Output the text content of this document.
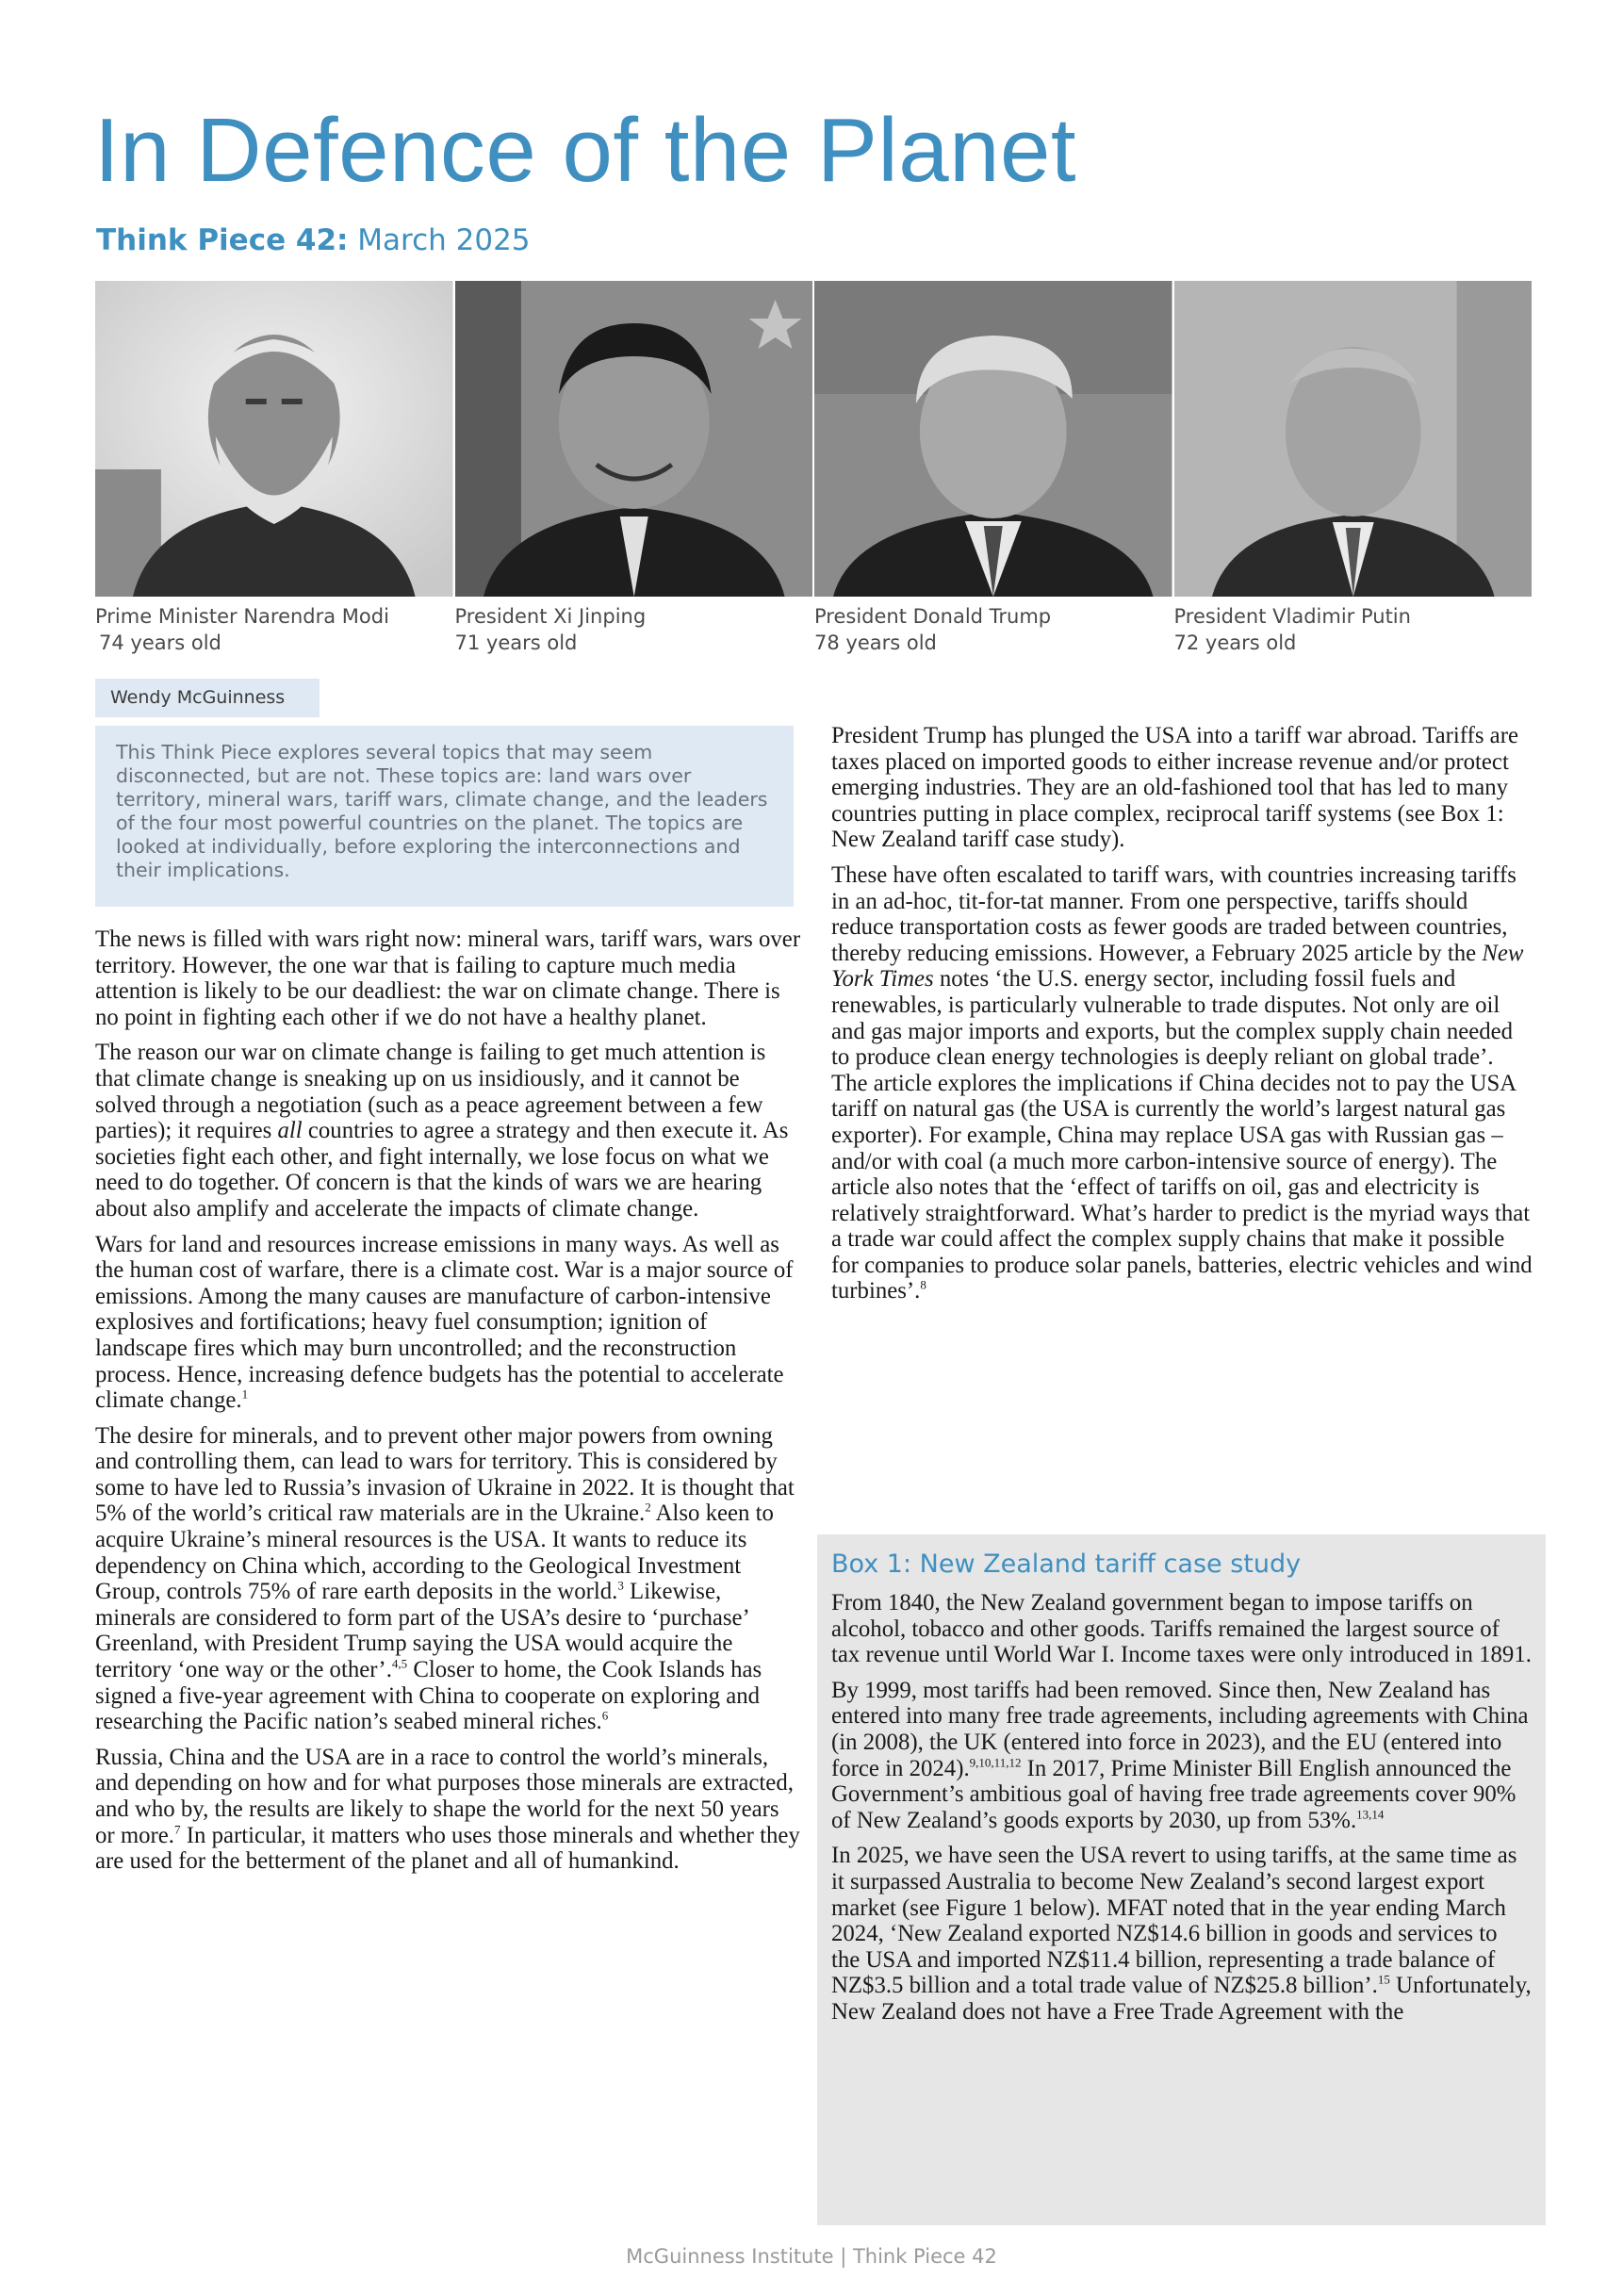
In Defence of the Planet
Think Piece 42: March 2025
Prime Minister Narendra Modi
74 years old
President Xi Jinping
71 years old
President Donald Trump
78 years old
President Vladimir Putin
72 years old
Wendy McGuinness

This Think Piece explores several topics that may seem disconnected, but are not. These topics are: land wars over territory, mineral wars, tariff wars, climate change, and the leaders of the four most powerful countries on the planet. The topics are looked at individually, before exploring the interconnections and their implications.

The news is filled with wars right now: mineral wars, tariff wars, wars over territory. However, the one war that is failing to capture much media attention is likely to be our deadliest: the war on climate change. There is no point in fighting each other if we do not have a healthy planet.

The reason our war on climate change is failing to get much attention is that climate change is sneaking up on us insidiously, and it cannot be solved through a negotiation (such as a peace agreement between a few parties); it requires all countries to agree a strategy and then execute it. As societies fight each other, and fight internally, we lose focus on what we need to do together. Of concern is that the kinds of wars we are hearing about also amplify and accelerate the impacts of climate change.

Wars for land and resources increase emissions in many ways. As well as the human cost of warfare, there is a climate cost. War is a major source of emissions. Among the many causes are manufacture of carbon-intensive explosives and fortifications; heavy fuel consumption; ignition of landscape fires which may burn uncontrolled; and the reconstruction process. Hence, increasing defence budgets has the potential to accelerate climate change.$^1$

The desire for minerals, and to prevent other major powers from owning and controlling them, can lead to wars for territory. This is considered by some to have led to Russia’s invasion of Ukraine in 2022. It is thought that 5% of the world’s critical raw materials are in the Ukraine.$^2$ Also keen to acquire Ukraine’s mineral resources is the USA. It wants to reduce its dependency on China which, according to the Geological Investment Group, controls 75% of rare earth deposits in the world.$^3$ Likewise, minerals are considered to form part of the USA’s desire to ‘purchase’ Greenland, with President Trump saying the USA would acquire the territory ‘one way or the other’.$^{4,5}$ Closer to home, the Cook Islands has signed a five-year agreement with China to cooperate on exploring and researching the Pacific nation’s seabed mineral riches.$^6$

Russia, China and the USA are in a race to control the world’s minerals, and depending on how and for what purposes those minerals are extracted, and who by, the results are likely to shape the world for the next 50 years or more.$^7$ In particular, it matters who uses those minerals and whether they are used for the betterment of the planet and all of humankind.

President Trump has plunged the USA into a tariff war abroad. Tariffs are taxes placed on imported goods to either increase revenue and/or protect emerging industries. They are an old-fashioned tool that has led to many countries putting in place complex, reciprocal tariff systems (see Box 1: New Zealand tariff case study).

These have often escalated to tariff wars, with countries increasing tariffs in an ad-hoc, tit-for-tat manner. From one perspective, tariffs should reduce transportation costs as fewer goods are traded between countries, thereby reducing emissions. However, a February 2025 article by the New York Times notes ‘the U.S. energy sector, including fossil fuels and renewables, is particularly vulnerable to trade disputes. Not only are oil and gas major imports and exports, but the complex supply chain needed to produce clean energy technologies is deeply reliant on global trade’. The article explores the implications if China decides not to pay the USA tariff on natural gas (the USA is currently the world’s largest natural gas exporter). For example, China may replace USA gas with Russian gas – and/or with coal (a much more carbon-intensive source of energy). The article also notes that the ‘effect of tariffs on oil, gas and electricity is relatively straightforward. What’s harder to predict is the myriad ways that a trade war could affect the complex supply chains that make it possible for companies to produce solar panels, batteries, electric vehicles and wind turbines’.$^8$

Box 1: New Zealand tariff case study

From 1840, the New Zealand government began to impose tariffs on alcohol, tobacco and other goods. Tariffs remained the largest source of tax revenue until World War I. Income taxes were only introduced in 1891.

By 1999, most tariffs had been removed. Since then, New Zealand has entered into many free trade agreements, including agreements with China (in 2008), the UK (entered into force in 2023), and the EU (entered into force in 2024).$^{9,10,11,12}$ In 2017, Prime Minister Bill English announced the Government’s ambitious goal of having free trade agreements cover 90% of New Zealand’s goods exports by 2030, up from 53%.$^{13,14}$

In 2025, we have seen the USA revert to using tariffs, at the same time as it surpassed Australia to become New Zealand’s second largest export market (see Figure 1 below). MFAT noted that in the year ending March 2024, ‘New Zealand exported NZ$14.6 billion in goods and services to the USA and imported NZ$11.4 billion, representing a trade balance of NZ$3.5 billion and a total trade value of NZ$25.8 billion’.$^{15}$ Unfortunately, New Zealand does not have a Free Trade Agreement with the

McGuinness Institute | Think Piece 42
